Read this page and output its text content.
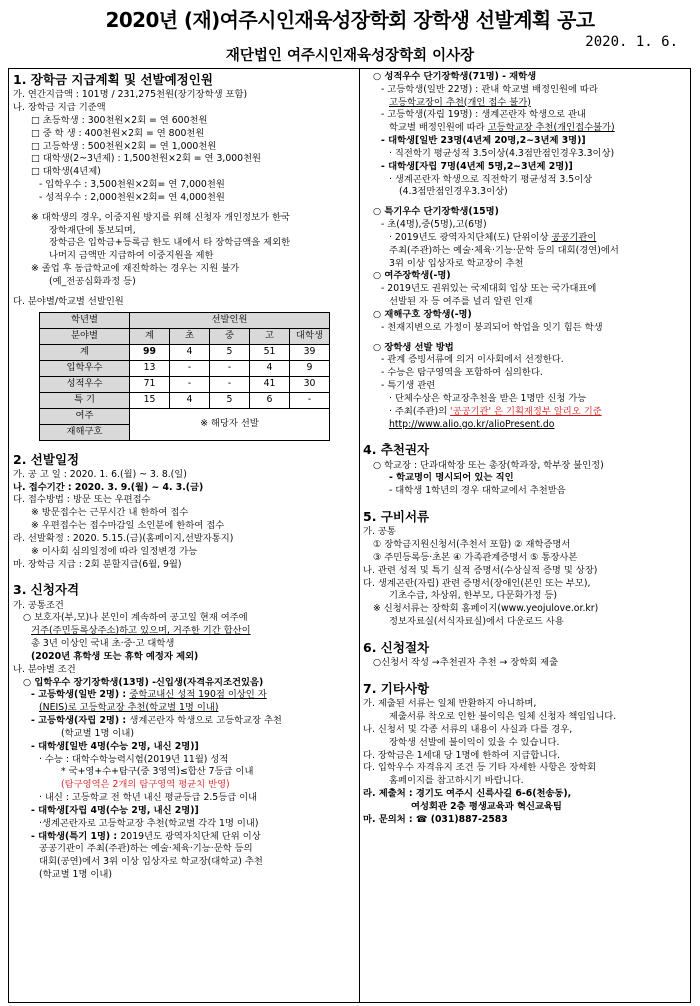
2020년 (재)여주시인재육성장학회 장학생 선발계획 공고
2020. 1. 6.
재단법인 여주시인재육성장학회 이사장
1. 장학금 지급계획 및 선발예정인원
가. 연간지급액 : 101명 / 231,275천원(장기장학생 포함)
나. 장학금 지급 기준액
□ 초등학생 : 300천원×2회 = 연 600천원
□ 중 학 생 : 400천원×2회 = 연 800천원
□ 고등학생 : 500천원×2회 = 연 1,000천원
□ 대학생(2~3년제) : 1,500천원×2회 = 연 3,000천원
□ 대학생(4년제)
- 입학우수 : 3,500천원×2회= 연 7,000천원
- 성적우수 : 2,000천원×2회= 연 4,000천원
※ 대학생의 경우, 이중지원 방지를 위해 신청자 개인정보가 한국
장학재단에 통보되며,
장학금은 입학금+등록금 한도 내에서 타 장학금액을 제외한
나머지 금액만 지급하여 이중지원을 제한
※ 졸업 후 동급학교에 재진학하는 경우는 지원 불가
(예_전공심화과정 등)
다. 분야별/학교별 선발인원
학년별	선발인원				
분야별	계	초	중	고	대학생
계	99	4	5	51	39
입학우수	13	-	-	4	9
성적우수	71	-	-	41	30
특 기	15	4	5	6	-
여주	※ 해당자 선발				
재해구호					
2. 선발일정
가. 공 고 일 : 2020. 1. 6.(월) ~ 3. 8.(일)
나. 접수기간 : 2020. 3. 9.(월) ~ 4. 3.(금)
다. 접수방법 : 방문 또는 우편접수
※ 방문접수는 근무시간 내 한하여 접수
※ 우편접수는 접수마감일 소인분에 한하여 접수
라. 선발확정 : 2020. 5.15.(금)(홈페이지,선발자통지)
※ 이사회 심의일정에 따라 일정변경 가능
마. 장학금 지급 : 2회 분할지급(6월, 9월)
3. 신청자격
가. 공통조건
○ 보호자(부,모)나 본인이 계속하여 공고일 현재 여주에
거주(주민등록상주소)하고 있으며, 거주한 기간 합산이
총 3년 이상인 국내 초·중·고 대학생
(2020년 휴학생 또는 휴학 예정자 제외)
나. 분야별 조건
○ 입학우수 장기장학생(13명) -신입생(자격유지조건있음)
- 고등학생(일반 2명) : 중학교내신 성적 190점 이상인 자
(NEIS)로 고등학교장 추천(학교별 1명 이내)
- 고등학생(자립 2명) : 생계곤란자 학생으로 고등학교장 추천
(학교별 1명 이내)
- 대학생[일반 4명(수능 2명, 내신 2명)]
· 수능 : 대학수학능력시험(2019년 11월) 성적
* 국+영+수+탐구(중 3영역)≤합산 7등급 이내
(탐구영역은 2개의 탐구영역 평균치 반영)
· 내신 : 고등학교 전 학년 내신 평균등급 2.5등급 이내
- 대학생[자립 4명(수능 2명, 내신 2명)]
·생계곤란자로 고등학교장 추천(학교별 각각 1명 이내)
- 대학생(특기 1명) : 2019년도 광역자치단체 단위 이상
공공기관이 주최(주관)하는 예술·체육·기능·문학 등의
대회(공연)에서 3위 이상 입상자로 학교장(대학교) 추천
(학교별 1명 이내)
○ 성적우수 단기장학생(71명) - 재학생
- 고등학생(일반 22명) : 관내 학교별 배정인원에 따라
고등학교장이 추천(개인 접수 불가)
- 고등학생(자립 19명) : 생계곤란자 학생으로 관내
학교별 배정인원에 따라 고등학교장 추천(개인접수불가)
- 대학생[일반 23명(4년제 20명,2~3년제 3명)]
· 직전학기 평균성적 3.5이상(4.3점만점인경우3.3이상)
- 대학생[자립 7명(4년제 5명,2~3년제 2명)]
· 생계곤란자 학생으로 직전학기 평균성적 3.5이상
(4.3점만점인경우3.3이상)
○ 특기우수 단기장학생(15명)
- 초(4명),중(5명),고(6명)
· 2019년도 광역자치단체(도) 단위이상 공공기관이
주최(주관)하는 예술·체육·기능·문학 등의 대회(경연)에서
3위 이상 입상자로 학교장이 추천
○ 여주장학생(-명)
- 2019년도 권위있는 국제대회 입상 또는 국가대표에
선발된 자 등 여주를 널리 알린 인재
○ 재해구호 장학생(-명)
- 천재지변으로 가정이 붕괴되어 학업을 잇기 힘든 학생
○ 장학생 선발 방법
- 관계 증빙서류에 의거 이사회에서 선정한다.
- 수능은 탐구영역을 포함하여 심의한다.
- 특기생 관련
· 단체수상은 학교장추천을 받은 1명만 신청 가능
· 주최(주관)의 '공공기관' 은 기획재정부 알리오 기준
http://www.alio.go.kr/alioPresent.do
4. 추천권자
○ 학교장 : 단과대학장 또는 총장(학과장, 학부장 불인정)
- 학교명이 명시되어 있는 직인
- 대학생 1학년의 경우 대학교에서 추천받음
5. 구비서류
가. 공통
① 장학금지원신청서(추천서 포함) ② 재학증명서
③ 주민등록등·초본 ④ 가족관계증명서 ⑤ 통장사본
나. 관련 성적 및 특기 실적 증명서(수상실적 증명 및 상장)
다. 생계곤란(자립) 관련 증명서(장애인(본인 또는 부모),
기초수급, 차상위, 한부모, 다문화가정 등)
※ 신청서류는 장학회 홈페이지(www.yeojulove.or.kr)
정보자료실(서식자료실)에서 다운로드 사용
6. 신청절차
○신청서 작성 →추천권자 추천 → 장학회 제출
7. 기타사항
가. 제출된 서류는 일체 반환하지 아니하며,
제출서류 착오로 인한 불이익은 일체 신청자 책임입니다.
나. 신청서 및 각종 서류의 내용이 사실과 다를 경우,
장학생 선발에 불이익이 있을 수 있습니다.
다. 장학금은 1세대 당 1명에 한하여 지급합니다.
다. 입학우수 자격유지 조건 등 기타 자세한 사항은 장학회
홈페이지를 참고하시기 바랍니다.
라. 제출처 : 경기도 여주시 신륵사길 6-6(천송동),
여성회관 2층 평생교육과 혁신교육팀
마. 문의처 : ☎ (031)887-2583
